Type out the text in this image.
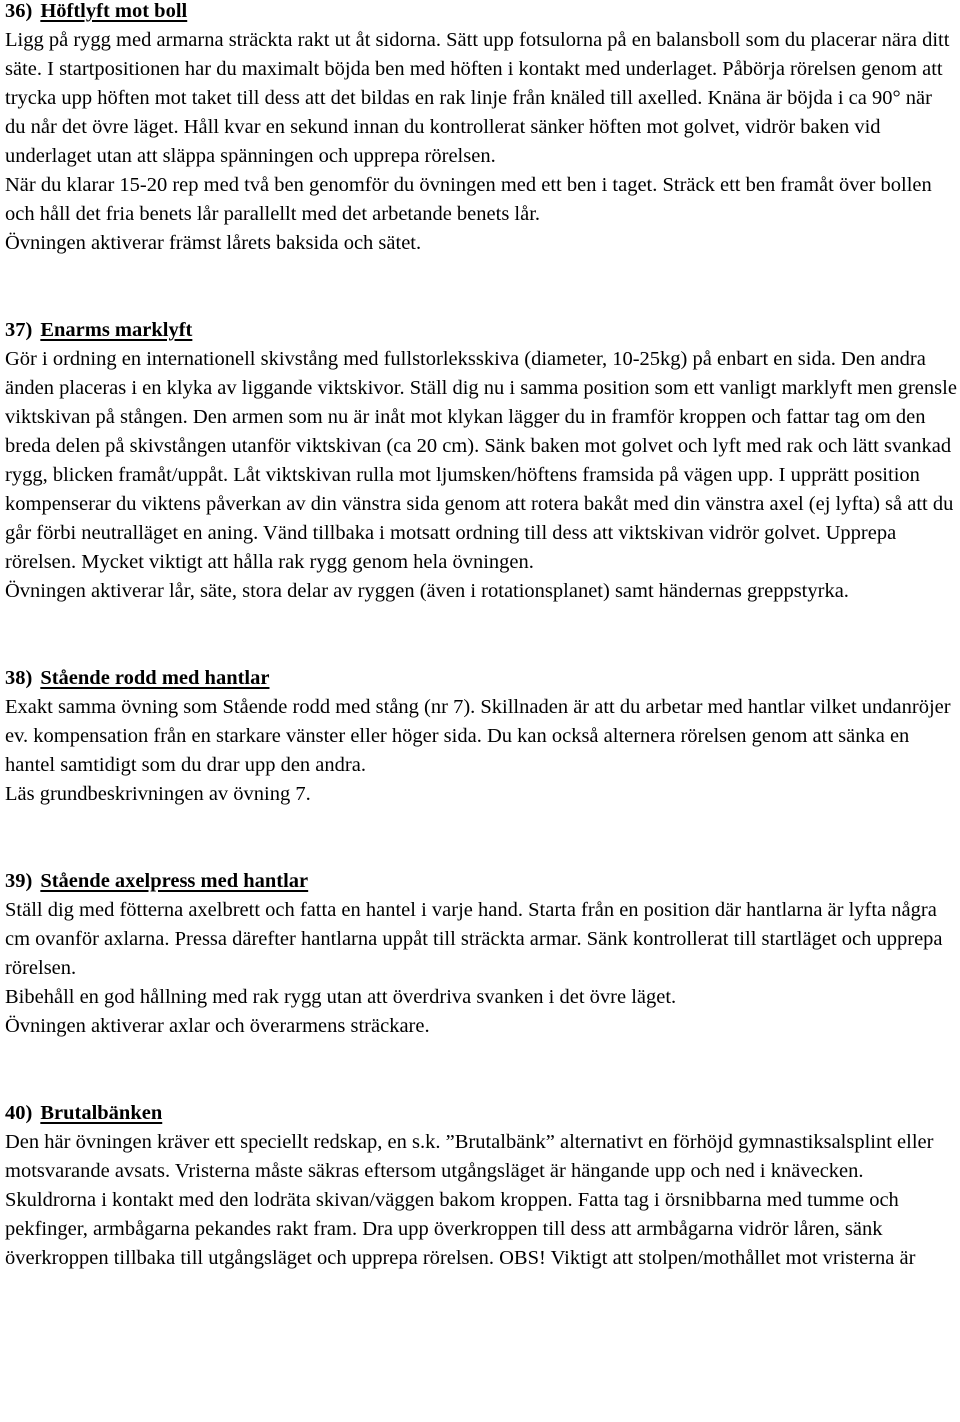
36) Höftlyft mot boll

Ligg på rygg med armarna sträckta rakt ut åt sidorna. Sätt upp fotsulorna på en balansboll som du placerar nära ditt säte. I startpositionen har du maximalt böjda ben med höften i kontakt med underlaget. Påbörja rörelsen genom att trycka upp höften mot taket till dess att det bildas en rak linje från knäled till axelled. Knäna är böjda i ca 90° när du når det övre läget. Håll kvar en sekund innan du kontrollerat sänker höften mot golvet, vidrör baken vid underlaget utan att släppa spänningen och upprepa rörelsen.

När du klarar 15-20 rep med två ben genomför du övningen med ett ben i taget. Sträck ett ben framåt över bollen och håll det fria benets lår parallellt med det arbetande benets lår.

Övningen aktiverar främst lårets baksida och sätet.

37) Enarms marklyft

Gör i ordning en internationell skivstång med fullstorleksskiva (diameter, 10-25kg) på enbart en sida. Den andra änden placeras i en klyka av liggande viktskivor. Ställ dig nu i samma position som ett vanligt marklyft men grensle viktskivan på stången. Den armen som nu är inåt mot klykan lägger du in framför kroppen och fattar tag om den breda delen på skivstången utanför viktskivan (ca 20 cm). Sänk baken mot golvet och lyft med rak och lätt svankad rygg, blicken framåt/uppåt. Låt viktskivan rulla mot ljumsken/höftens framsida på vägen upp. I upprätt position kompenserar du viktens påverkan av din vänstra sida genom att rotera bakåt med din vänstra axel (ej lyfta) så att du går förbi neutralläget en aning. Vänd tillbaka i motsatt ordning till dess att viktskivan vidrör golvet. Upprepa rörelsen. Mycket viktigt att hålla rak rygg genom hela övningen.

Övningen aktiverar lår, säte, stora delar av ryggen (även i rotationsplanet) samt händernas greppstyrka.

38) Stående rodd med hantlar

Exakt samma övning som Stående rodd med stång (nr 7). Skillnaden är att du arbetar med hantlar vilket undanröjer ev. kompensation från en starkare vänster eller höger sida. Du kan också alternera rörelsen genom att sänka en hantel samtidigt som du drar upp den andra.

Läs grundbeskrivningen av övning 7.

39) Stående axelpress med hantlar

Ställ dig med fötterna axelbrett och fatta en hantel i varje hand. Starta från en position där hantlarna är lyfta några cm ovanför axlarna. Pressa därefter hantlarna uppåt till sträckta armar. Sänk kontrollerat till startläget och upprepa rörelsen.

Bibehåll en god hållning med rak rygg utan att överdriva svanken i det övre läget.

Övningen aktiverar axlar och överarmens sträckare.

40) Brutalbänken

Den här övningen kräver ett speciellt redskap, en s.k. ”Brutalbänk” alternativt en förhöjd gymnastiksalsplint eller motsvarande avsats. Vristerna måste säkras eftersom utgångsläget är hängande upp och ned i knävecken. Skuldrorna i kontakt med den lodräta skivan/väggen bakom kroppen. Fatta tag i örsnibbarna med tumme och pekfinger, armbågarna pekandes rakt fram. Dra upp överkroppen till dess att armbågarna vidrör låren, sänk överkroppen tillbaka till utgångsläget och upprepa rörelsen. OBS! Viktigt att stolpen/mothållet mot vristerna är
